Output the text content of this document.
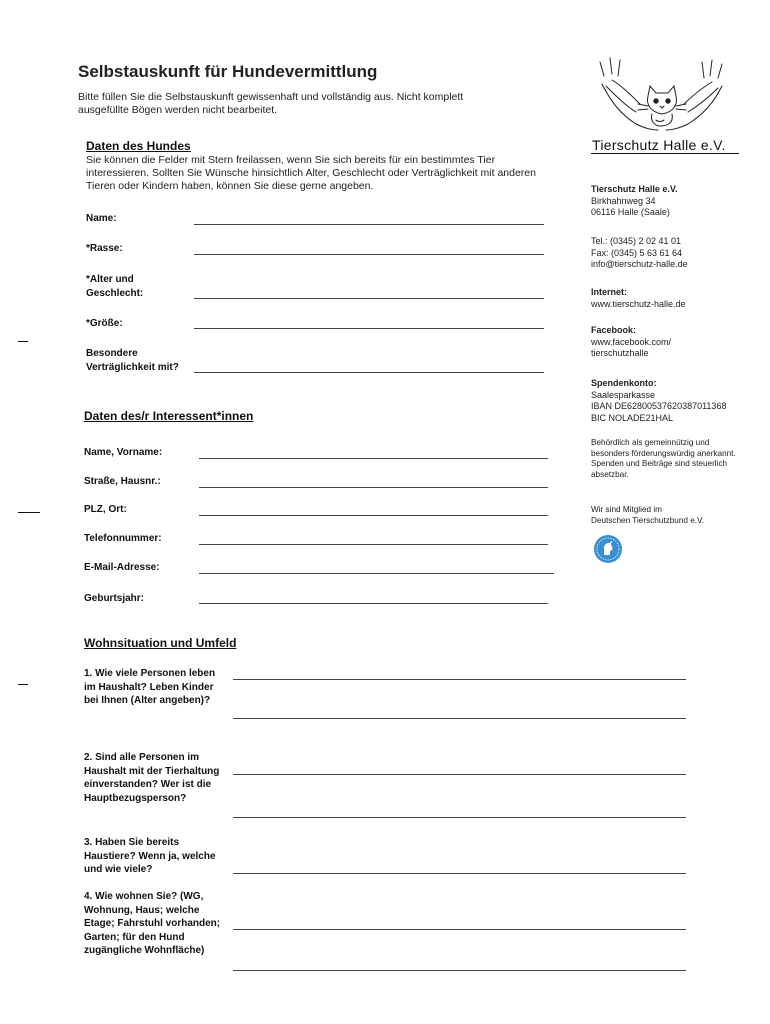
Selbstauskunft für Hundevermittlung
Bitte füllen Sie die Selbstauskunft gewissenhaft und vollständig aus. Nicht komplett ausgefüllte Bögen werden nicht bearbeitet.
Daten des Hundes
Sie können die Felder mit Stern freilassen, wenn Sie sich bereits für ein bestimmtes Tier interessieren. Sollten Sie Wünsche hinsichtlich Alter, Geschlecht oder Verträglichkeit mit anderen Tieren oder Kindern haben, können Sie diese gerne angeben.
Name:
*Rasse:
*Alter und Geschlecht:
*Größe:
Besondere Verträglichkeit mit?
Daten des/r Interessent*innen
Name, Vorname:
Straße, Hausnr.:
PLZ, Ort:
Telefonnummer:
E-Mail-Adresse:
Geburtsjahr:
Wohnsituation und Umfeld
1. Wie viele Personen leben im Haushalt? Leben Kinder bei Ihnen (Alter angeben)?
2. Sind alle Personen im Haushalt mit der Tierhaltung einverstanden? Wer ist die Hauptbezugsperson?
3. Haben Sie bereits Haustiere? Wenn ja, welche und wie viele?
4. Wie wohnen Sie? (WG, Wohnung, Haus; welche Etage; Fahrstuhl vorhanden; Garten; für den Hund zugängliche Wohnfläche)
Tierschutz Halle e.V.
Tierschutz Halle e.V.
Birkhahnweg 34
06116 Halle (Saale)
Tel.: (0345) 2 02 41 01
Fax: (0345) 5 63 61 64
info@tierschutz-halle.de
Internet:
www.tierschutz-halle.de
Facebook:
www.facebook.com/
tierschutzhalle
Spendenkonto:
Saalesparkasse
IBAN DE62800537620387011368
BIC NOLADE21HAL
Behördlich als gemeinnützig und besonders förderungswürdig anerkannt. Spenden und Beiträge sind steuerlich absetzbar.
Wir sind Mitglied im
Deutschen Tierschutzbund e.V.
